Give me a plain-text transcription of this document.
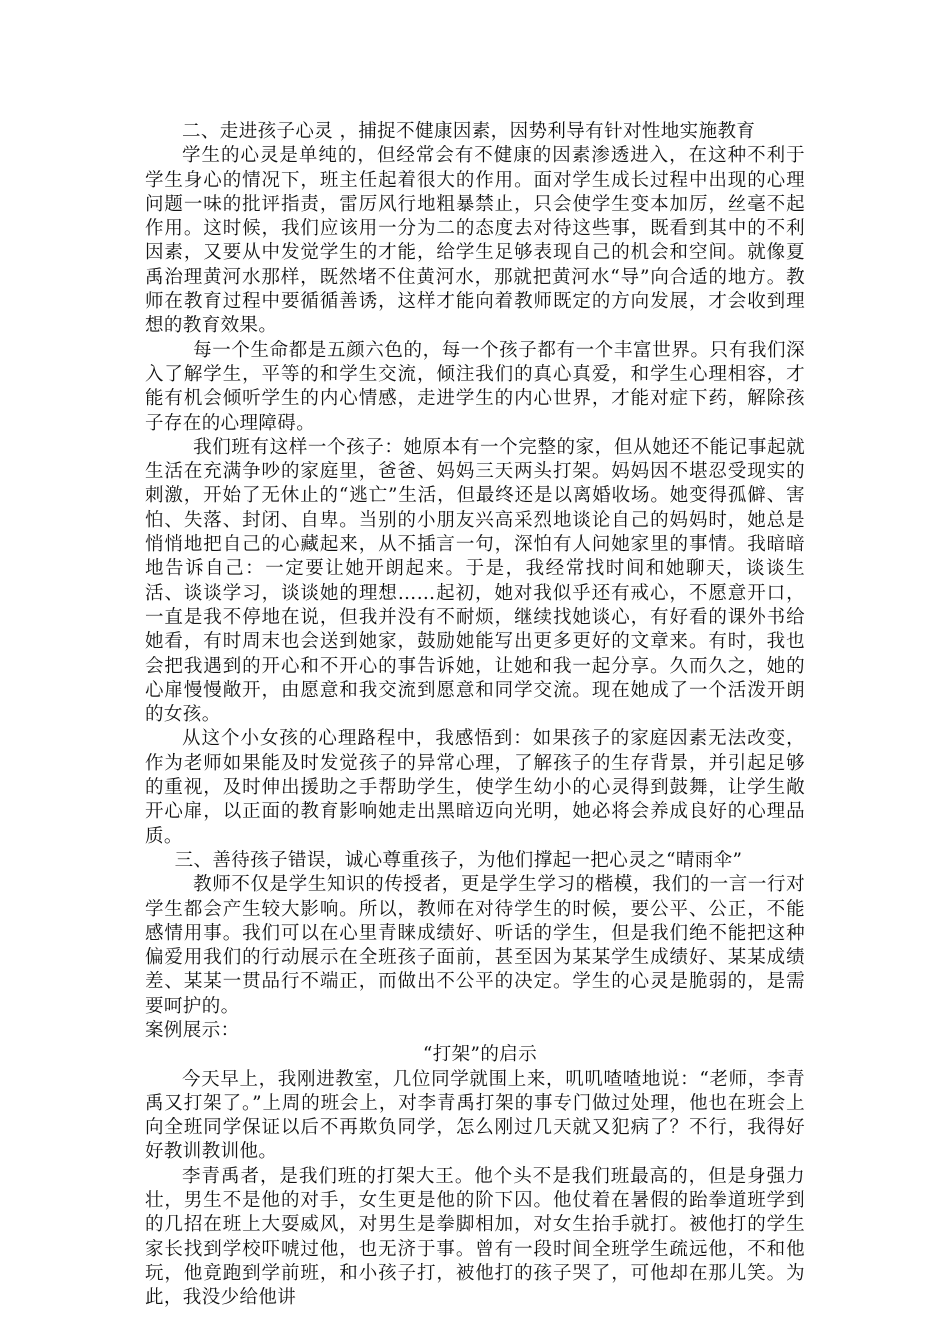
二、走进孩子心灵 ，捕捉不健康因素，因势利导有针对性地实施教育

学生的心灵是单纯的，但经常会有不健康的因素渗透进入，在这种不利于学生身心的情况下，班主任起着很大的作用。面对学生成长过程中出现的心理问题一味的批评指责，雷厉风行地粗暴禁止，只会使学生变本加厉，丝毫不起作用。这时候，我们应该用一分为二的态度去对待这些事，既看到其中的不利因素，又要从中发觉学生的才能，给学生足够表现自己的机会和空间。就像夏禹治理黄河水那样，既然堵不住黄河水，那就把黄河水“导”向合适的地方。教师在教育过程中要循循善诱，这样才能向着教师既定的方向发展，才会收到理想的教育效果。

每一个生命都是五颜六色的，每一个孩子都有一个丰富世界。只有我们深入了解学生，平等的和学生交流，倾注我们的真心真爱，和学生心理相容，才能有机会倾听学生的内心情感，走进学生的内心世界，才能对症下药，解除孩子存在的心理障碍。

我们班有这样一个孩子：她原本有一个完整的家，但从她还不能记事起就生活在充满争吵的家庭里，爸爸、妈妈三天两头打架。妈妈因不堪忍受现实的刺激，开始了无休止的“逃亡”生活，但最终还是以离婚收场。她变得孤僻、害怕、失落、封闭、自卑。当别的小朋友兴高采烈地谈论自己的妈妈时，她总是悄悄地把自己的心藏起来，从不插言一句，深怕有人问她家里的事情。我暗暗地告诉自己：一定要让她开朗起来。于是，我经常找时间和她聊天，谈谈生活、谈谈学习，谈谈她的理想……起初，她对我似乎还有戒心，不愿意开口，一直是我不停地在说，但我并没有不耐烦，继续找她谈心，有好看的课外书给她看，有时周末也会送到她家，鼓励她能写出更多更好的文章来。有时，我也会把我遇到的开心和不开心的事告诉她，让她和我一起分享。久而久之，她的心扉慢慢敞开，由愿意和我交流到愿意和同学交流。现在她成了一个活泼开朗的女孩。

从这个小女孩的心理路程中，我感悟到：如果孩子的家庭因素无法改变，作为老师如果能及时发觉孩子的异常心理，了解孩子的生存背景，并引起足够的重视，及时伸出援助之手帮助学生，使学生幼小的心灵得到鼓舞，让学生敞开心扉，以正面的教育影响她走出黑暗迈向光明，她必将会养成良好的心理品质。

三、善待孩子错误，诚心尊重孩子，为他们撑起一把心灵之“晴雨伞”

教师不仅是学生知识的传授者，更是学生学习的楷模，我们的一言一行对学生都会产生较大影响。所以，教师在对待学生的时候，要公平、公正，不能感情用事。我们可以在心里青睐成绩好、听话的学生，但是我们绝不能把这种偏爱用我们的行动展示在全班孩子面前，甚至因为某某学生成绩好、某某成绩差、某某一贯品行不端正，而做出不公平的决定。学生的心灵是脆弱的，是需要呵护的。

案例展示：

“打架”的启示

今天早上，我刚进教室，几位同学就围上来，叽叽喳喳地说：“老师，李青禹又打架了。”上周的班会上，对李青禹打架的事专门做过处理，他也在班会上向全班同学保证以后不再欺负同学，怎么刚过几天就又犯病了？不行，我得好好教训教训他。

李青禹者，是我们班的打架大王。他个头不是我们班最高的，但是身强力壮，男生不是他的对手，女生更是他的阶下囚。他仗着在暑假的跆拳道班学到的几招在班上大耍威风，对男生是拳脚相加，对女生抬手就打。被他打的学生家长找到学校吓唬过他，也无济于事。曾有一段时间全班学生疏远他，不和他玩，他竟跑到学前班，和小孩子打，被他打的孩子哭了，可他却在那儿笑。为此，我没少给他讲
